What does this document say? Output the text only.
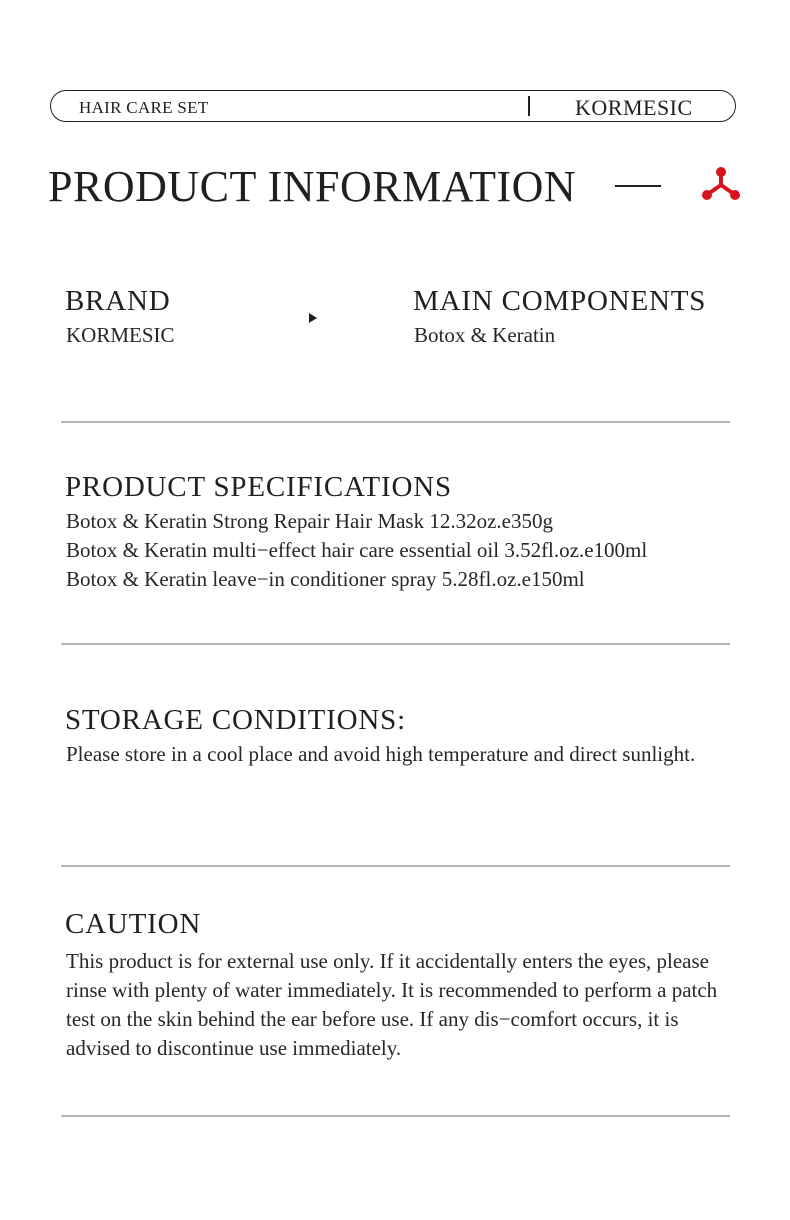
HAIR CARE SET	KORMESIC
PRODUCT INFORMATION
BRAND
KORMESIC
MAIN COMPONENTS
Botox & Keratin
PRODUCT SPECIFICATIONS
Botox & Keratin Strong Repair Hair Mask 12.32oz.e350g
Botox & Keratin multi−effect hair care essential oil 3.52fl.oz.e100ml
Botox & Keratin leave−in conditioner spray 5.28fl.oz.e150ml
STORAGE CONDITIONS:
Please store in a cool place and avoid high temperature and direct sunlight.
CAUTION
This product is for external use only. If it accidentally enters the eyes, please rinse with plenty of water immediately. It is recommended to perform a patch test on the skin behind the ear before use. If any dis−comfort occurs, it is advised to discontinue use immediately.
